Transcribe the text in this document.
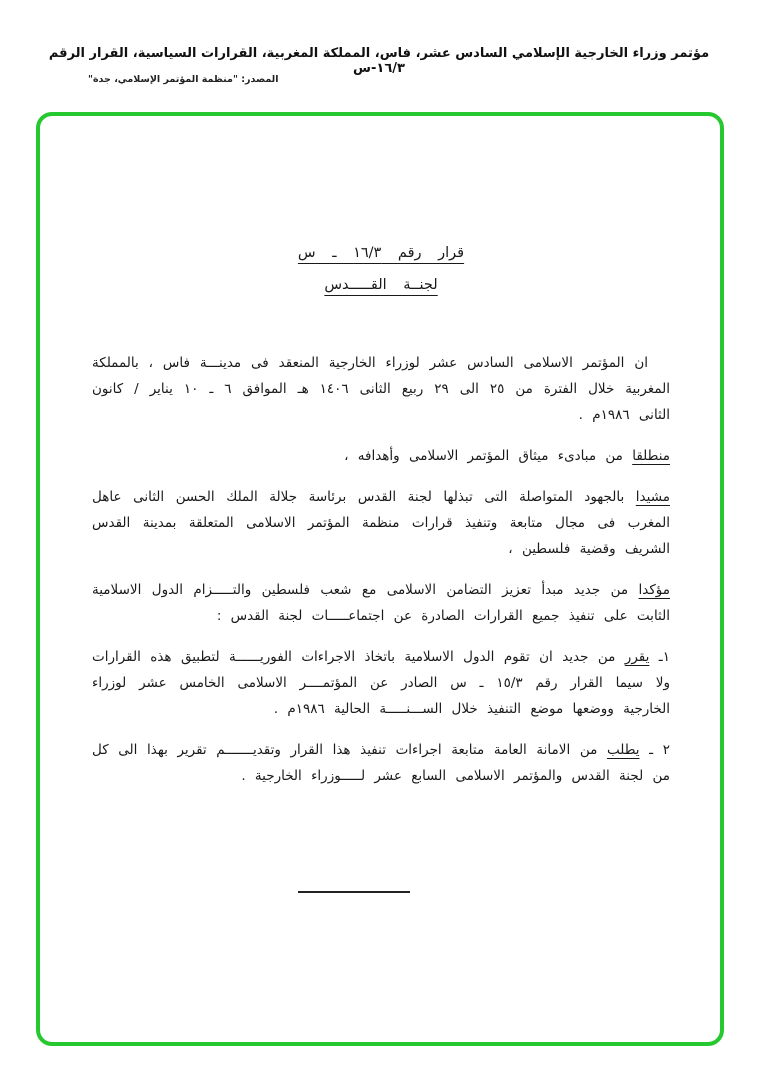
مؤتمر وزراء الخارجية الإسلامي السادس عشر، فاس، المملكة المغربية، القرارات السياسية، القرار الرقم ١٦/٣-س
المصدر: "منظمة المؤتمر الإسلامي، جدة"
قرار رقم ١٦/٣ ـ س
لجنــة القـــــدس

ان المؤتمر الاسلامى السادس عشر لوزراء الخارجية المنعقد فى مدينـــة فاس ، بالمملكة المغربية خلال الفترة من ٢٥ الى ٢٩ ربيع الثانى ١٤٠٦ هـ الموافق ٦ ـ ١٠ يناير / كانون الثانى ١٩٨٦م .

منطلقا من مبادىء ميثاق المؤتمر الاسلامى وأهدافه ،

مشيدا بالجهود المتواصلة التى تبذلها لجنة القدس برئاسة جلالة الملك الحسن الثانى عاهل المغرب فى مجال متابعة وتنفيذ قرارات منظمة المؤتمر الاسلامى المتعلقة بمدينة القدس الشريف وقضية فلسطين ،

مؤكدا من جديد مبدأ تعزيز التضامن الاسلامى مع شعب فلسطين والتـــــزام الدول الاسلامية الثابت على تنفيذ جميع القرارات الصادرة عن اجتماعـــــات لجنة القدس :

١ـ يقرر من جديد ان تقوم الدول الاسلامية باتخاذ الاجراءات الفوريــــــة لتطبيق هذه القرارات ولا سيما القرار رقم ١٥/٣ ـ س الصادر عن المؤتمــــر الاسلامى الخامس عشر لوزراء الخارجية ووضعها موضع التنفيذ خلال الســـنـــــة الحالية ١٩٨٦م .

٢ ـ يطلب من الامانة العامة متابعة اجراءات تنفيذ هذا القرار وتقديـــــــم تقرير بهذا الى كل من لجنة القدس والمؤتمر الاسلامى السابع عشر لـــــوزراء الخارجية .
